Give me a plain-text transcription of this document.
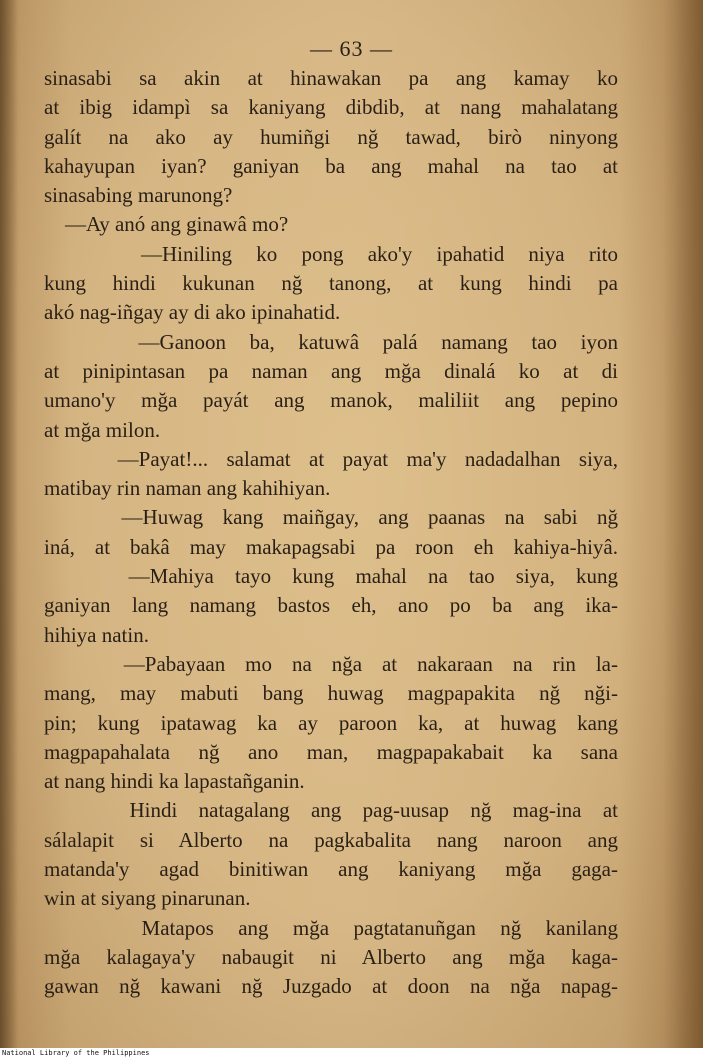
— 63 —
sinasabi sa akin at hinawakan pa ang kamay ko
at ibig idampì sa kaniyang dibdib, at nang mahalatang
galít na ako ay humiñgi nğ tawad, birò ninyong
kahayupan iyan? ganiyan ba ang mahal na tao at
sinasabing marunong?
—Ay anó ang ginawâ mo?
—Hiniling ko pong ako'y ipahatid niya rito
kung hindi kukunan nğ tanong, at kung hindi pa
akó nag-iñgay ay di ako ipinahatid.
—Ganoon ba, katuwâ palá namang tao iyon
at pinipintasan pa naman ang mğa dinalá ko at di
umano'y mğa payát ang manok, maliliit ang pepino
at mğa milon.
—Payat!... salamat at payat ma'y nadadalhan siya,
matibay rin naman ang kahihiyan.
—Huwag kang maiñgay, ang paanas na sabi nğ
iná, at bakâ may makapagsabi pa roon eh kahiya-hiyâ.
—Mahiya tayo kung mahal na tao siya, kung
ganiyan lang namang bastos eh, ano po ba ang ika-
hihiya natin.
—Pabayaan mo na nğa at nakaraan na rin la-
mang, may mabuti bang huwag magpapakita nğ nği-
pin; kung ipatawag ka ay paroon ka, at huwag kang
magpapahalata nğ ano man, magpapakabait ka sana
at nang hindi ka lapastañganin.
Hindi natagalang ang pag-uusap nğ mag-ina at
sálalapit si Alberto na pagkabalita nang naroon ang
matanda'y agad binitiwan ang kaniyang mğa gaga-
win at siyang pinarunan.
Matapos ang mğa pagtatanuñgan nğ kanilang
mğa kalagaya'y nabaugit ni Alberto ang mğa kaga-
gawan nğ kawani nğ Juzgado at doon na nğa napag-
National Library of the Philippines
